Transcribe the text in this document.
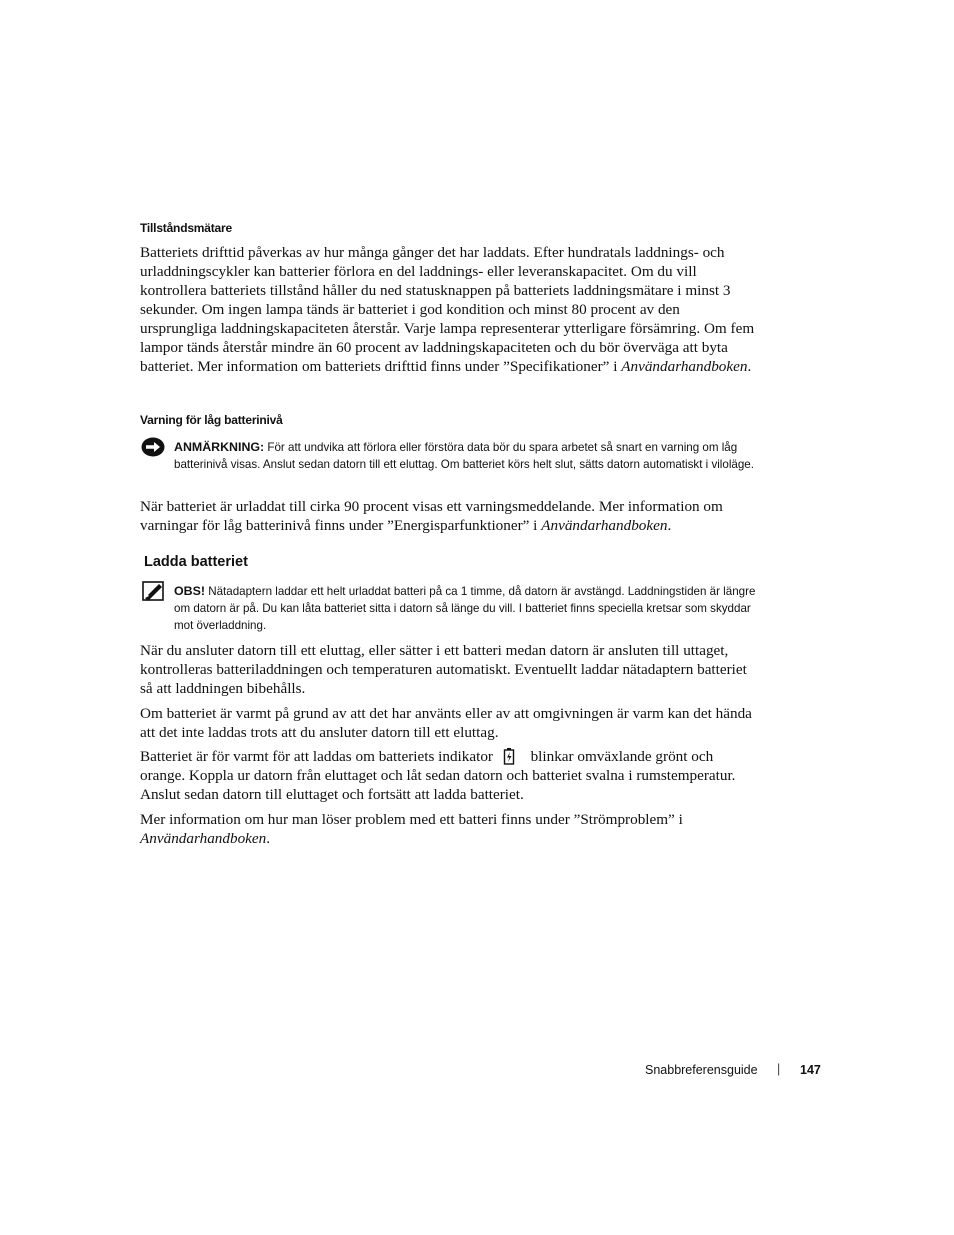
Tillståndsmätare
Batteriets drifttid påverkas av hur många gånger det har laddats. Efter hundratals laddnings- och urladdningscykler kan batterier förlora en del laddnings- eller leveranskapacitet. Om du vill kontrollera batteriets tillstånd håller du ned statusknappen på batteriets laddningsmätare i minst 3 sekunder. Om ingen lampa tänds är batteriet i god kondition och minst 80 procent av den ursprungliga laddningskapaciteten återstår. Varje lampa representerar ytterligare försämring. Om fem lampor tänds återstår mindre än 60 procent av laddningskapaciteten och du bör överväga att byta batteriet. Mer information om batteriets drifttid finns under ”Specifikationer” i Användarhandboken.
Varning för låg batterinivå
ANMÄRKNING: För att undvika att förlora eller förstöra data bör du spara arbetet så snart en varning om låg batterinivå visas. Anslut sedan datorn till ett eluttag. Om batteriet körs helt slut, sätts datorn automatiskt i viloläge.
När batteriet är urladdat till cirka 90 procent visas ett varningsmeddelande. Mer information om varningar för låg batterinivå finns under ”Energisparfunktioner” i Användarhandboken.
Ladda batteriet
OBS! Nätadaptern laddar ett helt urladdat batteri på ca 1 timme, då datorn är avstängd. Laddningstiden är längre om datorn är på. Du kan låta batteriet sitta i datorn så länge du vill. I batteriet finns speciella kretsar som skyddar mot överladdning.
När du ansluter datorn till ett eluttag, eller sätter i ett batteri medan datorn är ansluten till uttaget, kontrolleras batteriladdningen och temperaturen automatiskt. Eventuellt laddar nätadaptern batteriet så att laddningen bibehålls.
Om batteriet är varmt på grund av att det har använts eller av att omgivningen är varm kan det hända att det inte laddas trots att du ansluter datorn till ett eluttag.
Batteriet är för varmt för att laddas om batteriets indikator  blinkar omväxlande grönt och orange. Koppla ur datorn från eluttaget och låt sedan datorn och batteriet svalna i rumstemperatur. Anslut sedan datorn till eluttaget och fortsätt att ladda batteriet.
Mer information om hur man löser problem med ett batteri finns under ”Strömproblem” i Användarhandboken.
Snabbreferensguide | 147
